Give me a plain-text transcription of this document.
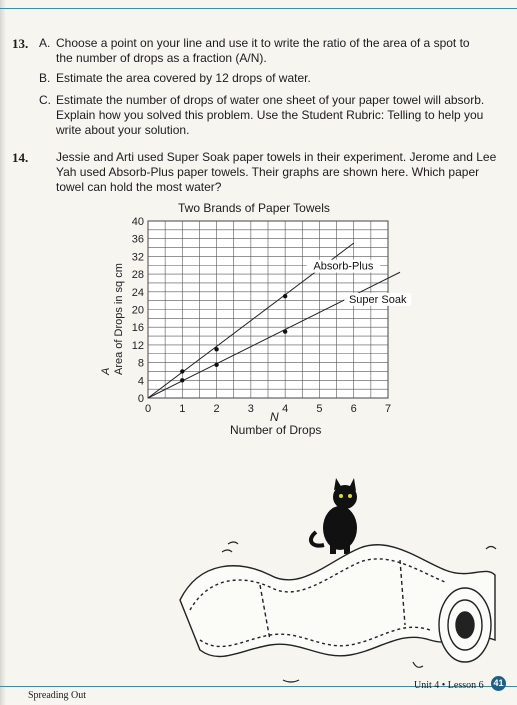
13. A. Choose a point on your line and use it to write the ratio of the area of a spot to the number of drops as a fraction (A/N).
B. Estimate the area covered by 12 drops of water.
C. Estimate the number of drops of water one sheet of your paper towel will absorb. Explain how you solved this problem. Use the Student Rubric: Telling to help you write about your solution.
14. Jessie and Arti used Super Soak paper towels in their experiment. Jerome and Lee Yah used Absorb-Plus paper towels. Their graphs are shown here. Which paper towel can hold the most water?
Two Brands of Paper Towels
A Area of Drops in sq cm
N
Number of Drops
0
4
8
12
16
20
24
28
32
36
40
0	1	2	3	4	5	6	7
Absorb-Plus
Super Soak
Spreading Out
Unit 4 • Lesson 6 41
